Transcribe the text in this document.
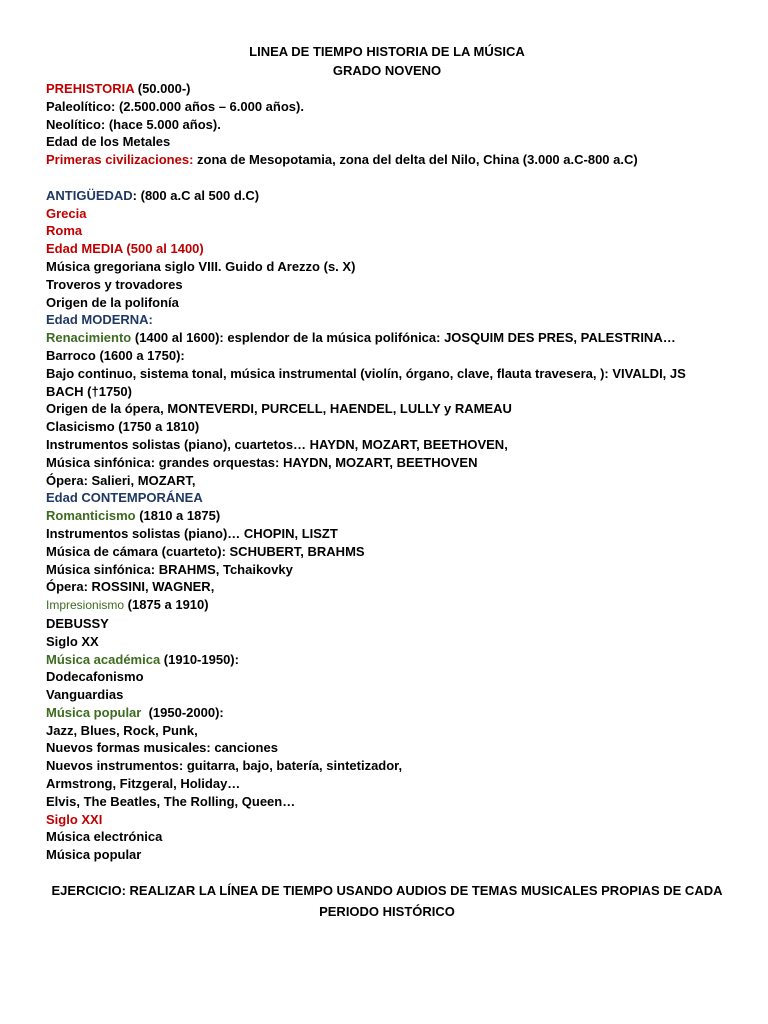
LINEA DE TIEMPO HISTORIA DE LA MÚSICA

GRADO NOVENO

PREHISTORIA (50.000-)

Paleolítico: (2.500.000 años – 6.000 años).

Neolítico: (hace 5.000 años).

Edad de los Metales

Primeras civilizaciones: zona de Mesopotamia, zona del delta del Nilo, China (3.000 a.C-800 a.C)

ANTIGÜEDAD: (800 a.C al 500 d.C)

Grecia

Roma

Edad MEDIA (500 al 1400)

Música gregoriana siglo VIII. Guido d Arezzo (s. X)

Troveros y trovadores

Origen de la polifonía

Edad MODERNA:

Renacimiento (1400 al 1600): esplendor de la música polifónica: JOSQUIM DES PRES, PALESTRINA…

Barroco (1600 a 1750):

Bajo continuo, sistema tonal, música instrumental (violín, órgano, clave, flauta travesera, ): VIVALDI, JS

BACH (†1750)

Origen de la ópera, MONTEVERDI, PURCELL, HAENDEL, LULLY y RAMEAU

Clasicismo (1750 a 1810)

Instrumentos solistas (piano), cuartetos… HAYDN, MOZART, BEETHOVEN,

Música sinfónica: grandes orquestas: HAYDN, MOZART, BEETHOVEN

Ópera: Salieri, MOZART,

Edad CONTEMPORÁNEA

Romanticismo (1810 a 1875)

Instrumentos solistas (piano)… CHOPIN, LISZT

Música de cámara (cuarteto): SCHUBERT, BRAHMS

Música sinfónica: BRAHMS, Tchaikovky

Ópera: ROSSINI, WAGNER,

Impresionismo (1875 a 1910)

DEBUSSY

Siglo XX

Música académica (1910-1950):

Dodecafonismo

Vanguardias

Música popular  (1950-2000):

Jazz, Blues, Rock, Punk,

Nuevos formas musicales: canciones

Nuevos instrumentos: guitarra, bajo, batería, sintetizador,

Armstrong, Fitzgeral, Holiday…

Elvis, The Beatles, The Rolling, Queen…

Siglo XXI

Música electrónica

Música popular

EJERCICIO: REALIZAR LA LÍNEA DE TIEMPO USANDO AUDIOS DE TEMAS MUSICALES PROPIAS DE CADA
PERIODO HISTÓRICO
